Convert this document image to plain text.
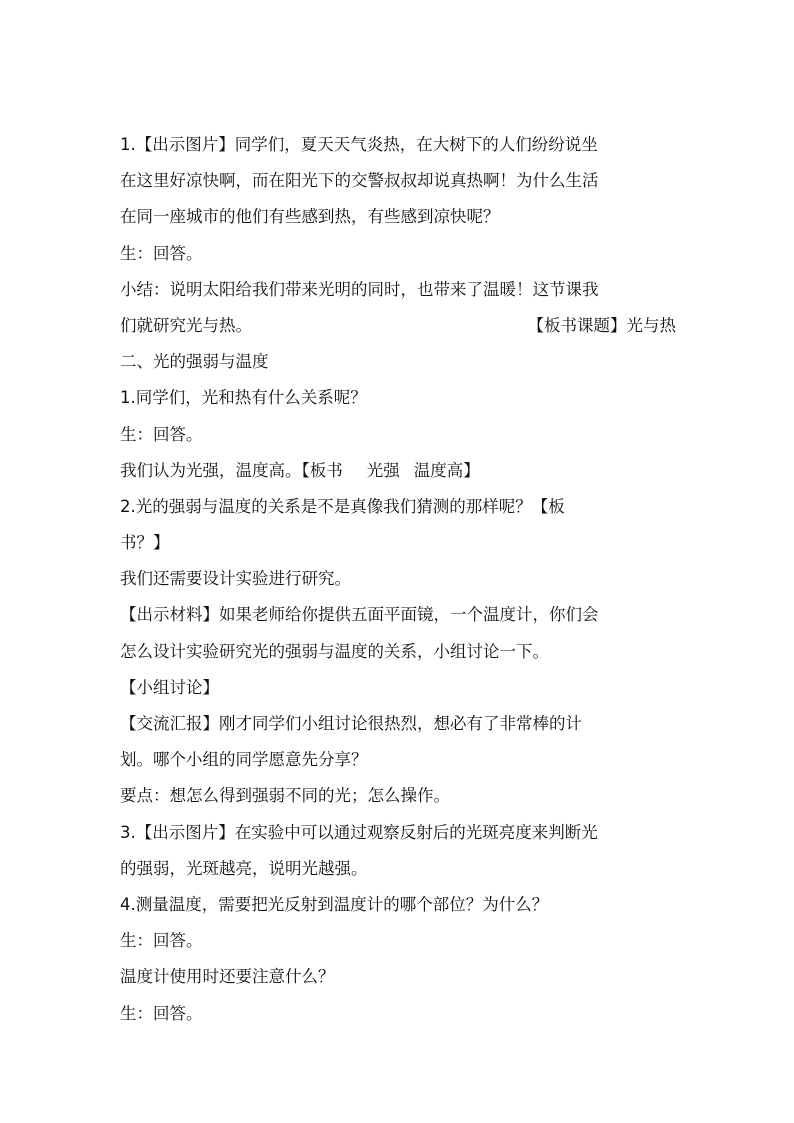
1.【出示图片】同学们，夏天天气炎热，在大树下的人们纷纷说坐
在这里好凉快啊，而在阳光下的交警叔叔却说真热啊！为什么生活
在同一座城市的他们有些感到热，有些感到凉快呢？
生：回答。
小结：说明太阳给我们带来光明的同时，也带来了温暖！这节课我
们就研究光与热。	【板书课题】光与热
二、光的强弱与温度
1.同学们，光和热有什么关系呢？
生：回答。
我们认为光强，温度高。【板书 光强 温度高】
2.光的强弱与温度的关系是不是真像我们猜测的那样呢？【板
书？】
我们还需要设计实验进行研究。
【出示材料】如果老师给你提供五面平面镜，一个温度计，你们会
怎么设计实验研究光的强弱与温度的关系，小组讨论一下。
【小组讨论】
【交流汇报】刚才同学们小组讨论很热烈，想必有了非常棒的计
划。哪个小组的同学愿意先分享？
要点：想怎么得到强弱不同的光；怎么操作。
3.【出示图片】在实验中可以通过观察反射后的光斑亮度来判断光
的强弱，光斑越亮，说明光越强。
4.测量温度，需要把光反射到温度计的哪个部位？为什么？
生：回答。
温度计使用时还要注意什么？
生：回答。
